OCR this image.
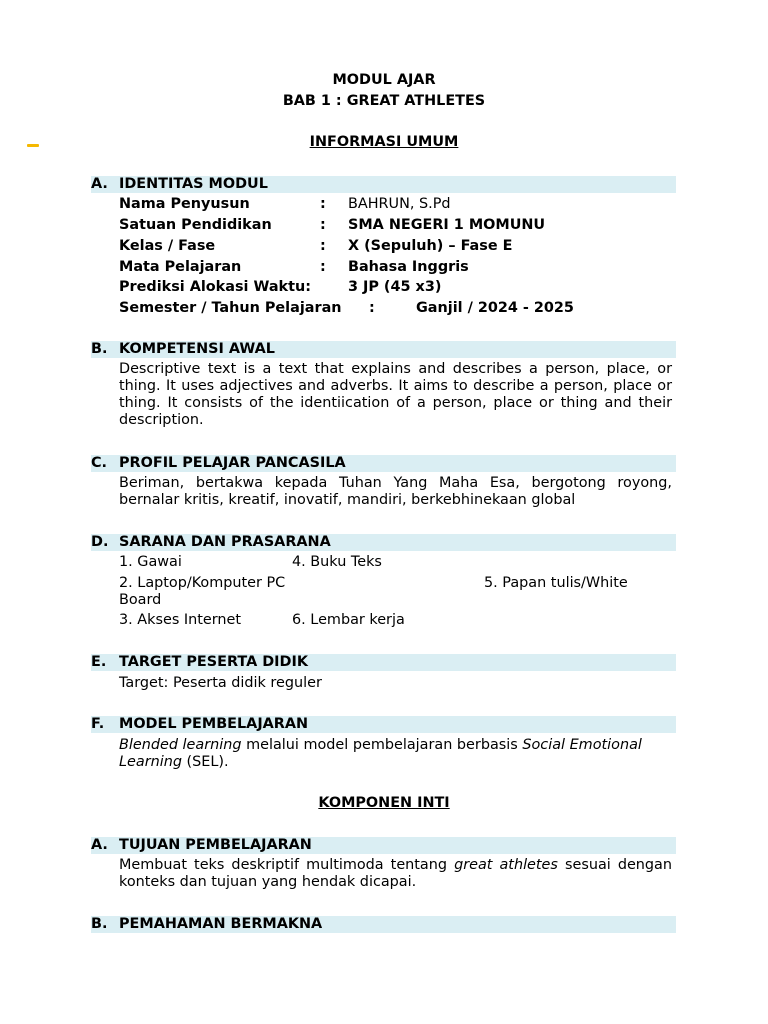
MODUL AJAR
BAB 1 : GREAT ATHLETES
INFORMASI UMUM
A. IDENTITAS MODUL
Nama Penyusun	: BAHRUN, S.Pd
Satuan Pendidikan	: SMA NEGERI 1 MOMUNU
Kelas / Fase	: X (Sepuluh) – Fase E
Mata Pelajaran	: Bahasa Inggris
Prediksi Alokasi Waktu:	3 JP (45 x3)
Semester / Tahun Pelajaran :	Ganjil / 2024 - 2025
B. KOMPETENSI AWAL
Descriptive text is a text that explains and describes a person, place, or thing. It uses adjectives and adverbs. It aims to describe a person, place or thing. It consists of the identiication of a person, place or thing and their description.
C. PROFIL PELAJAR PANCASILA
Beriman, bertakwa kepada Tuhan Yang Maha Esa, bergotong royong, bernalar kritis, kreatif, inovatif, mandiri, berkebhinekaan global
D. SARANA DAN PRASARANA
1. Gawai	4. Buku Teks
2. Laptop/Komputer PC	5. Papan tulis/White
Board
3. Akses Internet	6. Lembar kerja
E. TARGET PESERTA DIDIK
Target: Peserta didik reguler
F. MODEL PEMBELAJARAN
Blended learning melalui model pembelajaran berbasis Social Emotional Learning (SEL).
KOMPONEN INTI
A. TUJUAN PEMBELAJARAN
Membuat teks deskriptif multimoda tentang great athletes sesuai dengan konteks dan tujuan yang hendak dicapai.
B. PEMAHAMAN BERMAKNA
